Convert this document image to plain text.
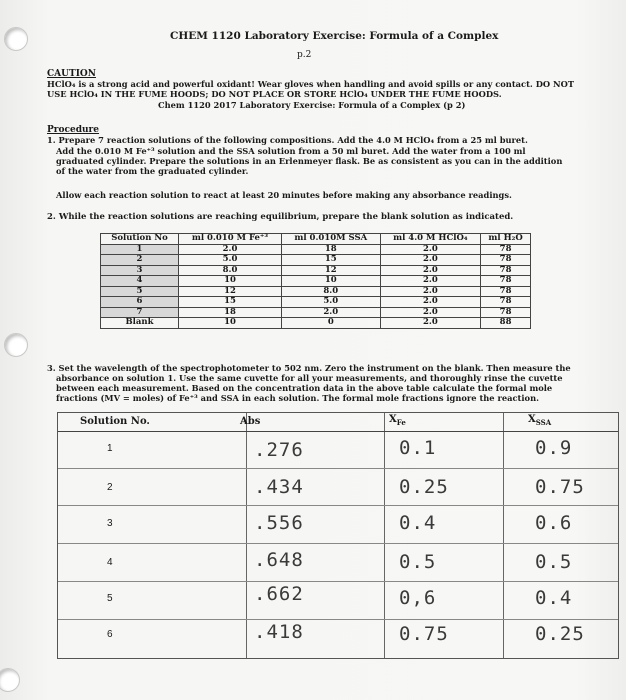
CHEM 1120 Laboratory Exercise: Formula of a Complex
p.2
CAUTION
HClO₄ is a strong acid and powerful oxidant! Wear gloves when handling and avoid spills or any contact. DO NOT
USE HClO₄ IN THE FUME HOODS; DO NOT PLACE OR STORE HClO₄ UNDER THE FUME HOODS.
Chem 1120 2017 Laboratory Exercise: Formula of a Complex (p 2)
Procedure
1. Prepare 7 reaction solutions of the following compositions. Add the 4.0 M HClO₄ from a 25 ml buret.
Add the 0.010 M Fe⁺³ solution and the SSA solution from a 50 ml buret. Add the water from a 100 ml
graduated cylinder. Prepare the solutions in an Erlenmeyer flask. Be as consistent as you can in the addition
of the water from the graduated cylinder.
Allow each reaction solution to react at least 20 minutes before making any absorbance readings.
2. While the reaction solutions are reaching equilibrium, prepare the blank solution as indicated.
Solution No	ml 0.010 M Fe⁺³	ml 0.010M SSA	ml 4.0 M HClO₄	ml H₂O
1	2.0	18	2.0	78
2	5.0	15	2.0	78
3	8.0	12	2.0	78
4	10	10	2.0	78
5	12	8.0	2.0	78
6	15	5.0	2.0	78
7	18	2.0	2.0	78
Blank	10	0	2.0	88
3. Set the wavelength of the spectrophotometer to 502 nm. Zero the instrument on the blank. Then measure the
absorbance on solution 1. Use the same cuvette for all your measurements, and thoroughly rinse the cuvette
between each measurement. Based on the concentration data in the above table calculate the formal mole
fractions (MV = moles) of Fe⁺³ and SSA in each solution. The formal mole fractions ignore the reaction.
Solution No.	Abs	$X_{Fe}$	$X_{SSA}$
1	.276	0.1	0.9
2	.434	0.25	0.75
3	.556	0.4	0.6
4	.648	0.5	0.5
5	.662	0,6	0.4
6	.418	0.75	0.25
